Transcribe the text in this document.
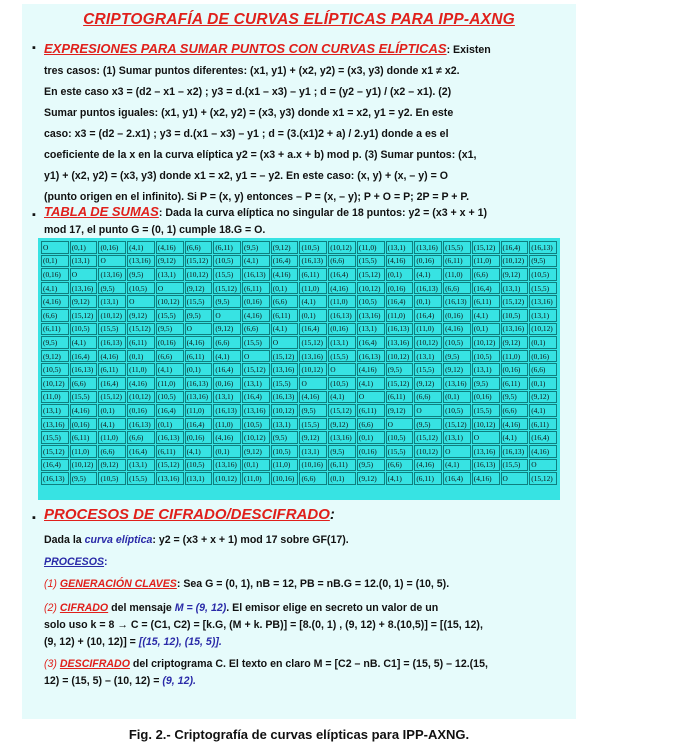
CRIPTOGRAFÍA DE CURVAS ELÍPTICAS PARA IPP-AXNG
▪ EXPRESIONES PARA SUMAR PUNTOS CON CURVAS ELÍPTICAS: Existen
tres casos: (1) Sumar puntos diferentes: (x1, y1) + (x2, y2) = (x3, y3) donde x1 ≠ x2.
En este caso x3 = (d2 – x1 – x2) ; y3 = d.(x1 – x3) – y1 ; d = (y2 – y1) / (x2 – x1). (2)
Sumar puntos iguales: (x1, y1) + (x2, y2) = (x3, y3) donde x1 = x2, y1 = y2. En este
caso: x3 = (d2 – 2.x1) ; y3 = d.(x1 – x3) – y1 ; d = (3.(x1)2 + a) / 2.y1) donde a es el
coeficiente de la x en la curva elíptica y2 = (x3 + a.x + b) mod p. (3) Sumar puntos: (x1,
y1) + (x2, y2) = (x3, y3) donde x1 = x2, y1 = – y2. En este caso: (x, y) + (x, – y) = O
(punto origen en el infinito). Si P = (x, y) entonces – P = (x, – y); P + O = P; 2P = P + P.
▪ TABLA DE SUMAS: Dada la curva elíptica no singular de 18 puntos: y2 = (x3 + x + 1)
mod 17, el punto G = (0, 1) cumple 18.G = O.
O	(0,1)	(0,16)	(4,1)	(4,16)	(6,6)	(6,11)	(9,5)	(9,12)	(10,5)	(10,12)	(11,0)	(13,1)	(13,16)	(15,5)	(15,12)	(16,4)	(16,13)
(0,1)	(13,1)	O	(13,16)	(9,12)	(15,12)	(10,5)	(4,1)	(16,4)	(16,13)	(6,6)	(15,5)	(4,16)	(0,16)	(6,11)	(11,0)	(10,12)	(9,5)
(0,16)	O	(13,16)	(9,5)	(13,1)	(10,12)	(15,5)	(16,13)	(4,16)	(6,11)	(16,4)	(15,12)	(0,1)	(4,1)	(11,0)	(6,6)	(9,12)	(10,5)
(4,1)	(13,16)	(9,5)	(10,5)	O	(9,12)	(15,12)	(6,11)	(0,1)	(11,0)	(4,16)	(10,12)	(0,16)	(16,13)	(6,6)	(16,4)	(13,1)	(15,5)
(4,16)	(9,12)	(13,1)	O	(10,12)	(15,5)	(9,5)	(0,16)	(6,6)	(4,1)	(11,0)	(10,5)	(16,4)	(0,1)	(16,13)	(6,11)	(15,12)	(13,16)
(6,6)	(15,12)	(10,12)	(9,12)	(15,5)	(9,5)	O	(4,16)	(6,11)	(0,1)	(16,13)	(13,16)	(11,0)	(16,4)	(0,16)	(4,1)	(10,5)	(13,1)
(6,11)	(10,5)	(15,5)	(15,12)	(9,5)	O	(9,12)	(6,6)	(4,1)	(16,4)	(0,16)	(13,1)	(16,13)	(11,0)	(4,16)	(0,1)	(13,16)	(10,12)
(9,5)	(4,1)	(16,13)	(6,11)	(0,16)	(4,16)	(6,6)	(15,5)	O	(15,12)	(13,1)	(16,4)	(13,16)	(10,12)	(10,5)	(10,12)	(9,12)	(0,1)
(9,12)	(16,4)	(4,16)	(0,1)	(6,6)	(6,11)	(4,1)	O	(15,12)	(13,16)	(15,5)	(16,13)	(10,12)	(13,1)	(9,5)	(10,5)	(11,0)	(0,16)
(10,5)	(16,13)	(6,11)	(11,0)	(4,1)	(0,1)	(16,4)	(15,12)	(13,16)	(10,12)	O	(4,16)	(9,5)	(15,5)	(9,12)	(13,1)	(0,16)	(6,6)
(10,12)	(6,6)	(16,4)	(4,16)	(11,0)	(16,13)	(0,16)	(13,1)	(15,5)	O	(10,5)	(4,1)	(15,12)	(9,12)	(13,16)	(9,5)	(6,11)	(0,1)
(11,0)	(15,5)	(15,12)	(10,12)	(10,5)	(13,16)	(13,1)	(16,4)	(16,13)	(4,16)	(4,1)	O	(6,11)	(6,6)	(0,1)	(0,16)	(9,5)	(9,12)
(13,1)	(4,16)	(0,1)	(0,16)	(16,4)	(11,0)	(16,13)	(13,16)	(10,12)	(9,5)	(15,12)	(6,11)	(9,12)	O	(10,5)	(15,5)	(6,6)	(4,1)
(13,16)	(0,16)	(4,1)	(16,13)	(0,1)	(16,4)	(11,0)	(10,5)	(13,1)	(15,5)	(9,12)	(6,6)	O	(9,5)	(15,12)	(10,12)	(4,16)	(6,11)
(15,5)	(6,11)	(11,0)	(6,6)	(16,13)	(0,16)	(4,16)	(10,12)	(9,5)	(9,12)	(13,16)	(0,1)	(10,5)	(15,12)	(13,1)	O	(4,1)	(16,4)
(15,12)	(11,0)	(6,6)	(16,4)	(6,11)	(4,1)	(0,1)	(9,12)	(10,5)	(13,1)	(9,5)	(0,16)	(15,5)	(10,12)	O	(13,16)	(16,13)	(4,16)
(16,4)	(10,12)	(9,12)	(13,1)	(15,12)	(10,5)	(13,16)	(0,1)	(11,0)	(10,16)	(6,11)	(9,5)	(6,6)	(4,16)	(4,1)	(16,13)	(15,5)	O
(16,13)	(9,5)	(10,5)	(15,5)	(13,16)	(13,1)	(10,12)	(11,0)	(10,16)	(6,6)	(0,1)	(9,12)	(4,1)	(6,11)	(16,4)	(4,16)	O	(15,12)
▪ PROCESOS DE CIFRADO/DESCIFRADO:
Dada la curva elíptica: y2 = (x3 + x + 1) mod 17 sobre GF(17).
PROCESOS:
(1) GENERACIÓN CLAVES: Sea G = (0, 1), nB = 12, PB = nB.G = 12.(0, 1) = (10, 5).
(2) CIFRADO del mensaje M = (9, 12). El emisor elige en secreto un valor de un
solo uso k = 8 → C = (C1, C2) = [k.G, (M + k. PB)] = [8.(0, 1) , (9, 12) + 8.(10,5)] = [(15, 12),
(9, 12) + (10, 12)] = [(15, 12), (15, 5)].
(3) DESCIFRADO del criptograma C. El texto en claro M = [C2 – nB. C1] = (15, 5) – 12.(15,
12) = (15, 5) – (10, 12) = (9, 12).
Fig. 2.- Criptografía de curvas elípticas para IPP-AXNG.
